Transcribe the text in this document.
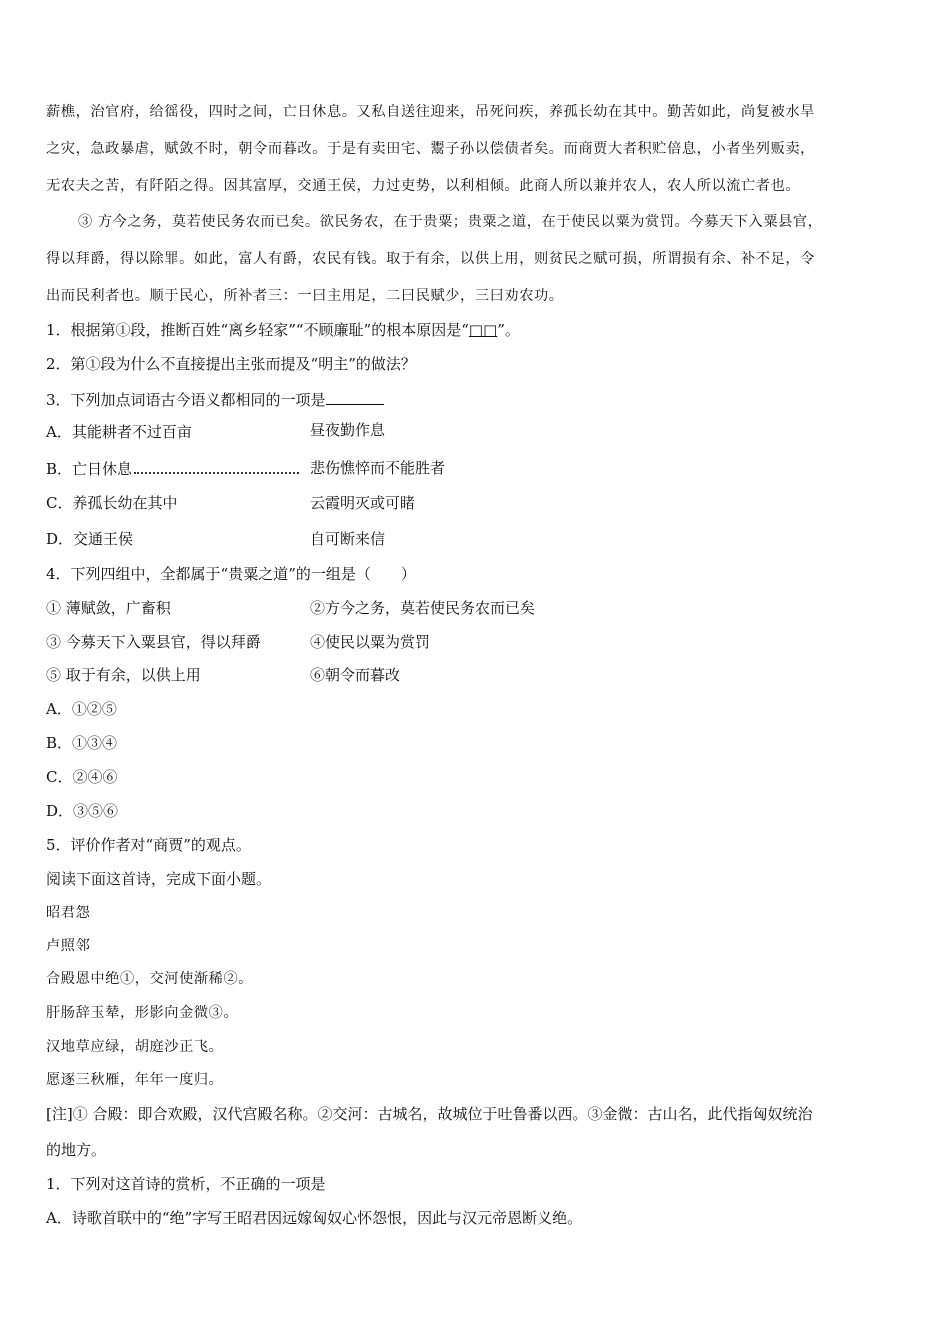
薪樵，治官府，给徭役，四时之间，亡日休息。又私自送往迎来，吊死问疾，养孤长幼在其中。勤苦如此，尚复被水旱
之灾，急政暴虐，赋敛不时，朝令而暮改。于是有卖田宅、鬻子孙以偿债者矣。而商贾大者积贮倍息，小者坐列贩卖，
无农夫之苦，有阡陌之得。因其富厚，交通王侯，力过吏势，以利相倾。此商人所以兼并农人，农人所以流亡者也。
③ 方今之务，莫若使民务农而已矣。欲民务农，在于贵粟；贵粟之道，在于使民以粟为赏罚。今募天下入粟县官，
得以拜爵，得以除罪。如此，富人有爵，农民有钱。取于有余，以供上用，则贫民之赋可损，所谓损有余、补不足，令
出而民利者也。顺于民心，所补者三：一曰主用足，二曰民赋少，三曰劝农功。
1．根据第①段，推断百姓“离乡轻家”“不顾廉耻”的根本原因是“□□”。
2．第①段为什么不直接提出主张而提及“明主”的做法？
3．下列加点词语古今语义都相同的一项是
A．其能耕者不过百亩	昼夜勤作息
B．亡日休息	悲伤憔悴而不能胜者
C．养孤长幼在其中	云霞明灭或可睹
D．交通王侯	自可断来信
4．下列四组中，全都属于“贵粟之道”的一组是（　　）
① 薄赋敛，广畜积	②方今之务，莫若使民务农而已矣
③ 今募天下入粟县官，得以拜爵	④使民以粟为赏罚
⑤ 取于有余，以供上用	⑥朝令而暮改
A．①②⑤
B．①③④
C．②④⑥
D．③⑤⑥
5．评价作者对“商贾”的观点。
阅读下面这首诗，完成下面小题。
昭君怨
卢照邻
合殿恩中绝①，交河使渐稀②。
肝肠辞玉辇，形影向金微③。
汉地草应绿，胡庭沙正飞。
愿逐三秋雁，年年一度归。
[注]① 合殿：即合欢殿，汉代宫殿名称。②交河：古城名，故城位于吐鲁番以西。③金微：古山名，此代指匈奴统治
的地方。
1．下列对这首诗的赏析，不正确的一项是
A．诗歌首联中的“绝”字写王昭君因远嫁匈奴心怀怨恨，因此与汉元帝恩断义绝。
